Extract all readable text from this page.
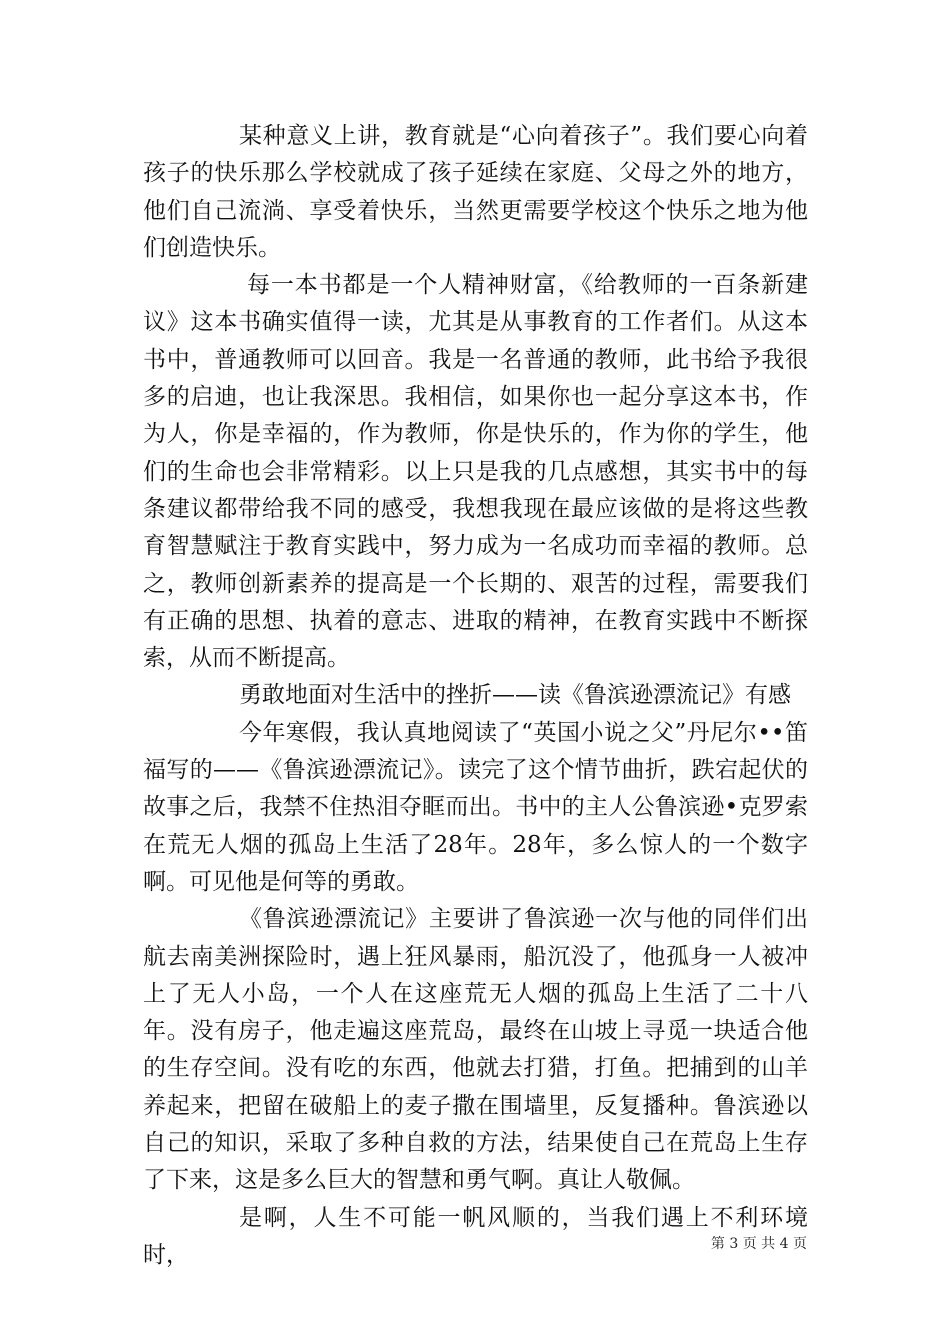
某种意义上讲，教育就是“心向着孩子”。我们要心向着孩子的快乐那么学校就成了孩子延续在家庭、父母之外的地方，他们自己流淌、享受着快乐，当然更需要学校这个快乐之地为他们创造快乐。

每一本书都是一个人精神财富，《给教师的一百条新建议》这本书确实值得一读，尤其是从事教育的工作者们。从这本书中，普通教师可以回音。我是一名普通的教师，此书给予我很多的启迪，也让我深思。我相信，如果你也一起分享这本书，作为人，你是幸福的，作为教师，你是快乐的，作为你的学生，他们的生命也会非常精彩。以上只是我的几点感想，其实书中的每条建议都带给我不同的感受，我想我现在最应该做的是将这些教育智慧赋注于教育实践中，努力成为一名成功而幸福的教师。总之，教师创新素养的提高是一个长期的、艰苦的过程，需要我们有正确的思想、执着的意志、进取的精神，在教育实践中不断探索，从而不断提高。

勇敢地面对生活中的挫折——读《鲁滨逊漂流记》有感

今年寒假，我认真地阅读了“英国小说之父”丹尼尔••笛福写的——《鲁滨逊漂流记》。读完了这个情节曲折，跌宕起伏的故事之后，我禁不住热泪夺眶而出。书中的主人公鲁滨逊•克罗索在荒无人烟的孤岛上生活了28年。28年，多么惊人的一个数字啊。可见他是何等的勇敢。

《鲁滨逊漂流记》主要讲了鲁滨逊一次与他的同伴们出航去南美洲探险时，遇上狂风暴雨，船沉没了，他孤身一人被冲上了无人小岛，一个人在这座荒无人烟的孤岛上生活了二十八年。没有房子，他走遍这座荒岛，最终在山坡上寻觅一块适合他的生存空间。没有吃的东西，他就去打猎，打鱼。把捕到的山羊养起来，把留在破船上的麦子撒在围墙里，反复播种。鲁滨逊以自己的知识，采取了多种自救的方法，结果使自己在荒岛上生存了下来，这是多么巨大的智慧和勇气啊。真让人敬佩。

是啊，人生不可能一帆风顺的，当我们遇上不利环境时，	第 3 页 共 4 页
